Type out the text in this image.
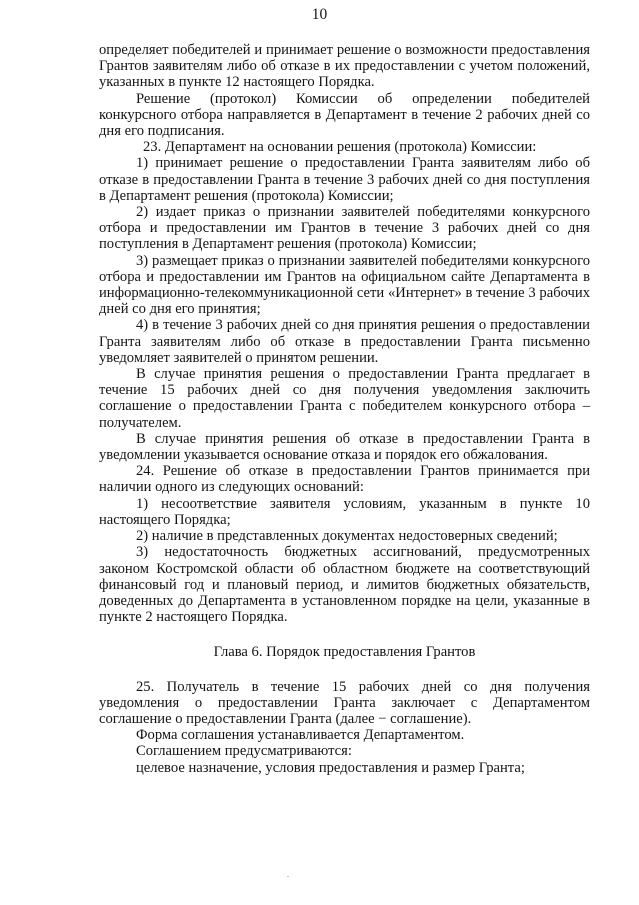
10

определяет победителей и принимает решение о возможности предоставления Грантов заявителям либо об отказе в их предоставлении с учетом положений, указанных в пункте 12 настоящего Порядка.

Решение (протокол) Комиссии об определении победителей конкурсного отбора направляется в Департамент в течение 2 рабочих дней со дня его подписания.

23. Департамент на основании решения (протокола) Комиссии:

1) принимает решение о предоставлении Гранта заявителям либо об отказе в предоставлении Гранта в течение 3 рабочих дней со дня поступления в Департамент решения (протокола) Комиссии;

2) издает приказ о признании заявителей победителями конкурсного отбора и предоставлении им Грантов в течение 3 рабочих дней со дня поступления в Департамент решения (протокола) Комиссии;

3) размещает приказ о признании заявителей победителями конкурсного отбора и предоставлении им Грантов на официальном сайте Департамента в информационно-телекоммуникационной сети «Интернет» в течение 3 рабочих дней со дня его принятия;

4) в течение 3 рабочих дней со дня принятия решения о предоставлении Гранта заявителям либо об отказе в предоставлении Гранта письменно уведомляет заявителей о принятом решении.

В случае принятия решения о предоставлении Гранта предлагает в течение 15 рабочих дней со дня получения уведомления заключить соглашение о предоставлении Гранта с победителем конкурсного отбора – получателем.

В случае принятия решения об отказе в предоставлении Гранта в уведомлении указывается основание отказа и порядок его обжалования.

24. Решение об отказе в предоставлении Грантов принимается при наличии одного из следующих оснований:

1) несоответствие заявителя условиям, указанным в пункте 10 настоящего Порядка;

2) наличие в представленных документах недостоверных сведений;

3) недостаточность бюджетных ассигнований, предусмотренных законом Костромской области об областном бюджете на соответствующий финансовый год и плановый период, и лимитов бюджетных обязательств, доведенных до Департамента в установленном порядке на цели, указанные в пункте 2 настоящего Порядка.

Глава 6. Порядок предоставления Грантов

25. Получатель в течение 15 рабочих дней со дня получения уведомления о предоставлении Гранта заключает с Департаментом соглашение о предоставлении Гранта (далее − соглашение).

Форма соглашения устанавливается Департаментом.

Соглашением предусматриваются:

целевое назначение, условия предоставления и размер Гранта;
